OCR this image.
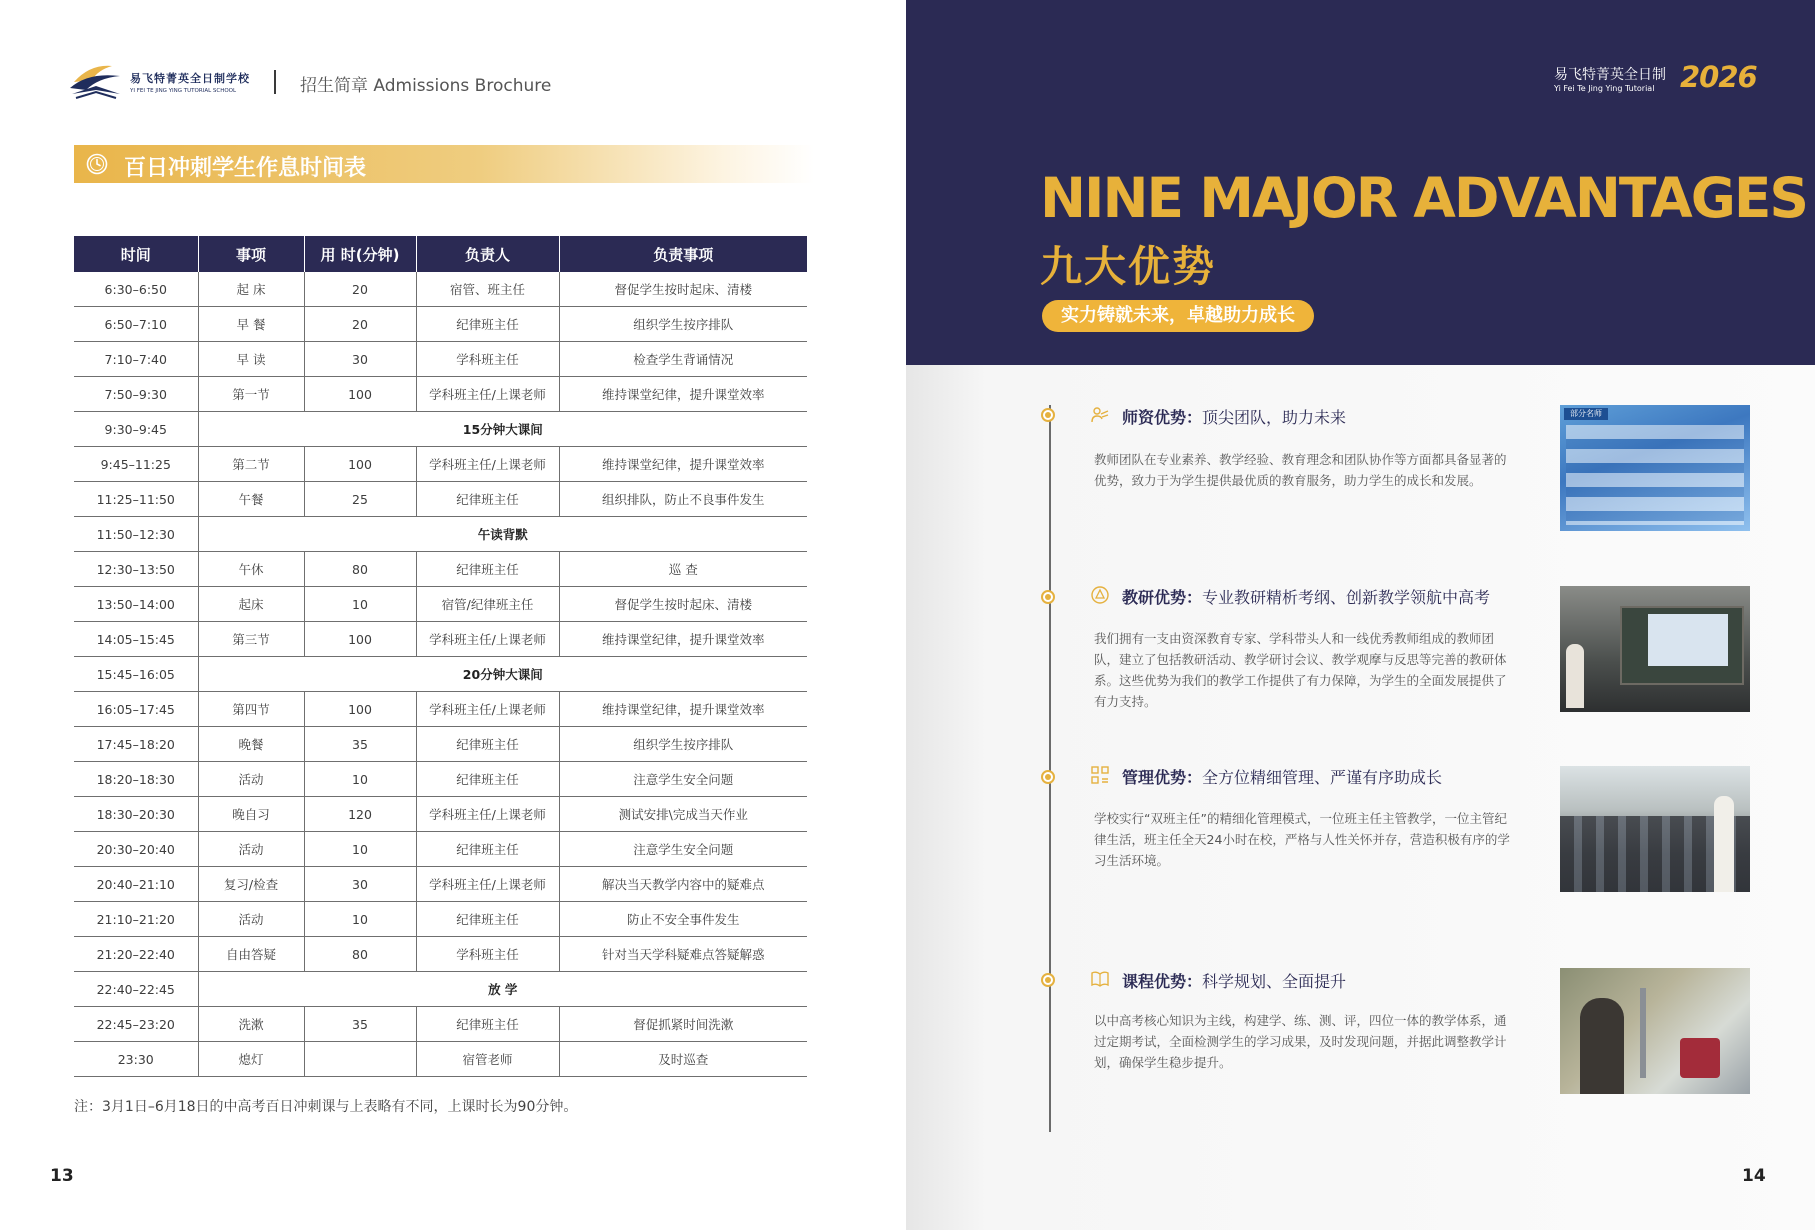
易飞特菁英全日制学校
YI FEI TE JING YING TUTORIAL SCHOOL	招生简章 Admissions Brochure
百日冲刺学生作息时间表
时间	事项	用 时(分钟)	负责人	负责事项
6:30–6:50	起 床	20	宿管、班主任	督促学生按时起床、清楼
6:50–7:10	早 餐	20	纪律班主任	组织学生按序排队
7:10–7:40	早 读	30	学科班主任	检查学生背诵情况
7:50–9:30	第一节	100	学科班主任/上课老师	维持课堂纪律，提升课堂效率
9:30–9:45	15分钟大课间			
9:45–11:25	第二节	100	学科班主任/上课老师	维持课堂纪律，提升课堂效率
11:25–11:50	午餐	25	纪律班主任	组织排队，防止不良事件发生
11:50–12:30	午读背默			
12:30–13:50	午休	80	纪律班主任	巡 查
13:50–14:00	起床	10	宿管/纪律班主任	督促学生按时起床、清楼
14:05–15:45	第三节	100	学科班主任/上课老师	维持课堂纪律，提升课堂效率
15:45–16:05	20分钟大课间			
16:05–17:45	第四节	100	学科班主任/上课老师	维持课堂纪律，提升课堂效率
17:45–18:20	晚餐	35	纪律班主任	组织学生按序排队
18:20–18:30	活动	10	纪律班主任	注意学生安全问题
18:30–20:30	晚自习	120	学科班主任/上课老师	测试安排\完成当天作业
20:30–20:40	活动	10	纪律班主任	注意学生安全问题
20:40–21:10	复习/检查	30	学科班主任/上课老师	解决当天教学内容中的疑难点
21:10–21:20	活动	10	纪律班主任	防止不安全事件发生
21:20–22:40	自由答疑	80	学科班主任	针对当天学科疑难点答疑解惑
22:40–22:45	放 学			
22:45–23:20	洗漱	35	纪律班主任	督促抓紧时间洗漱
23:30	熄灯		宿管老师	及时巡查
注：3月1日–6月18日的中高考百日冲刺课与上表略有不同，上课时长为90分钟。
13
易飞特菁英全日制
Yi Fei Te Jing Ying Tutorial 2026
NINE MAJOR ADVANTAGES
九大优势
实力铸就未来，卓越助力成长
师资优势：顶尖团队，助力未来
教师团队在专业素养、教学经验、教育理念和团队协作等方面都具备显著的优势，致力于为学生提供最优质的教育服务，助力学生的成长和发展。
部分名师
教研优势：专业教研精析考纲、创新教学领航中高考
我们拥有一支由资深教育专家、学科带头人和一线优秀教师组成的教师团队，建立了包括教研活动、教学研讨会议、教学观摩与反思等完善的教研体系。这些优势为我们的教学工作提供了有力保障，为学生的全面发展提供了有力支持。
管理优势：全方位精细管理、严谨有序助成长
学校实行“双班主任”的精细化管理模式，一位班主任主管教学，一位主管纪律生活，班主任全天24小时在校，严格与人性关怀并存，营造积极有序的学习生活环境。
课程优势：科学规划、全面提升
以中高考核心知识为主线，构建学、练、测、评，四位一体的教学体系，通过定期考试，全面检测学生的学习成果，及时发现问题，并据此调整教学计划，确保学生稳步提升。
14
